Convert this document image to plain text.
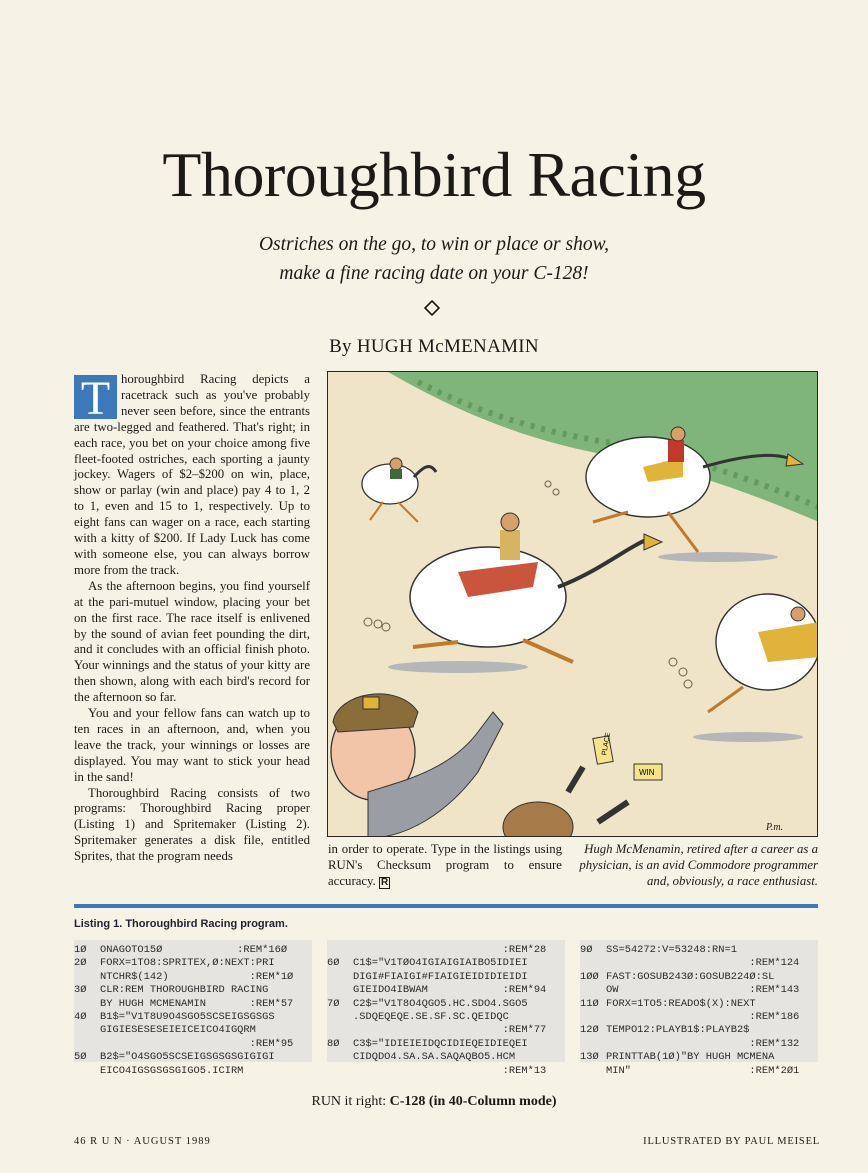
Thoroughbird Racing
Ostriches on the go, to win or place or show,
make a fine racing date on your C-128!
By HUGH McMENAMIN

T horoughbird Racing depicts a racetrack such as you've probably never seen before, since the entrants are two-legged and feathered. That's right; in each race, you bet on your choice among five fleet-footed ostriches, each sporting a jaunty jockey. Wagers of $2–$200 on win, place, show or parlay (win and place) pay 4 to 1, 2 to 1, even and 15 to 1, respectively. Up to eight fans can wager on a race, each starting with a kitty of $200. If Lady Luck has come with someone else, you can always borrow more from the track.

As the afternoon begins, you find yourself at the pari-mutuel window, placing your bet on the first race. The race itself is enlivened by the sound of avian feet pounding the dirt, and it concludes with an official finish photo. Your winnings and the status of your kitty are then shown, along with each bird's record for the afternoon so far.

You and your fellow fans can watch up to ten races in an afternoon, and, when you leave the track, your winnings or losses are displayed. You may want to stick your head in the sand!

Thoroughbird Racing consists of two programs: Thoroughbird Racing proper (Listing 1) and Spritemaker (Listing 2). Spritemaker generates a disk file, entitled Sprites, that the program needs

PLACE
WIN
P.m.

in order to operate. Type in the listings using RUN's Checksum program to ensure accuracy. R

Hugh McMenamin, retired after a career as a physician, is an avid Commodore programmer and, obviously, a race enthusiast.
Listing 1. Thoroughbird Racing program.
1Ø	ONAGOTO15Ø            :REM*16Ø
2Ø	FORX=1TO8:SPRITEX,Ø:NEXT:PRI
NTCHR$(142)             :REM*1Ø
3Ø	CLR:REM THOROUGHBIRD RACING
BY HUGH MCMENAMIN       :REM*57
4Ø	B1$="V1T8U9O4SGO5SCSEIGSGSGS
GIGIESESESEIEICEICO4IGQRM
:REM*95
5Ø	B2$="O4SGO5SCSEIGSGSGSGIGIGI
EICO4IGSGSGSGIGO5.ICIRM
:REM*28
6Ø	C1$="V1TØO4IGIAIGIAIBO5IDIEI
DIGI#FIAIGI#FIAIGIEIDIDIEIDI
GIEIDO4IBWAM            :REM*94
7Ø	C2$="V1T8O4QGO5.HC.SDO4.SGO5
.SDQEQEQE.SE.SF.SC.QEIDQC
:REM*77
8Ø	C3$="IDIEIEIDQCIDIEQEIDIEQEI
CIDQDO4.SA.SA.SAQAQBO5.HCM
:REM*13
9Ø	SS=54272:V=53248:RN=1
:REM*124
1ØØ FAST:GOSUB243Ø:GOSUB224Ø:SL
OW                     :REM*143
11Ø FORX=1TO5:READO$(X):NEXT
:REM*186
12Ø TEMPO12:PLAYB1$:PLAYB2$
:REM*132
13Ø PRINTTAB(1Ø)"BY HUGH MCMENA
MIN"                   :REM*2Ø1
RUN it right: C-128 (in 40-Column mode)
46 R U N · AUGUST 1989	ILLUSTRATED BY PAUL MEISEL
